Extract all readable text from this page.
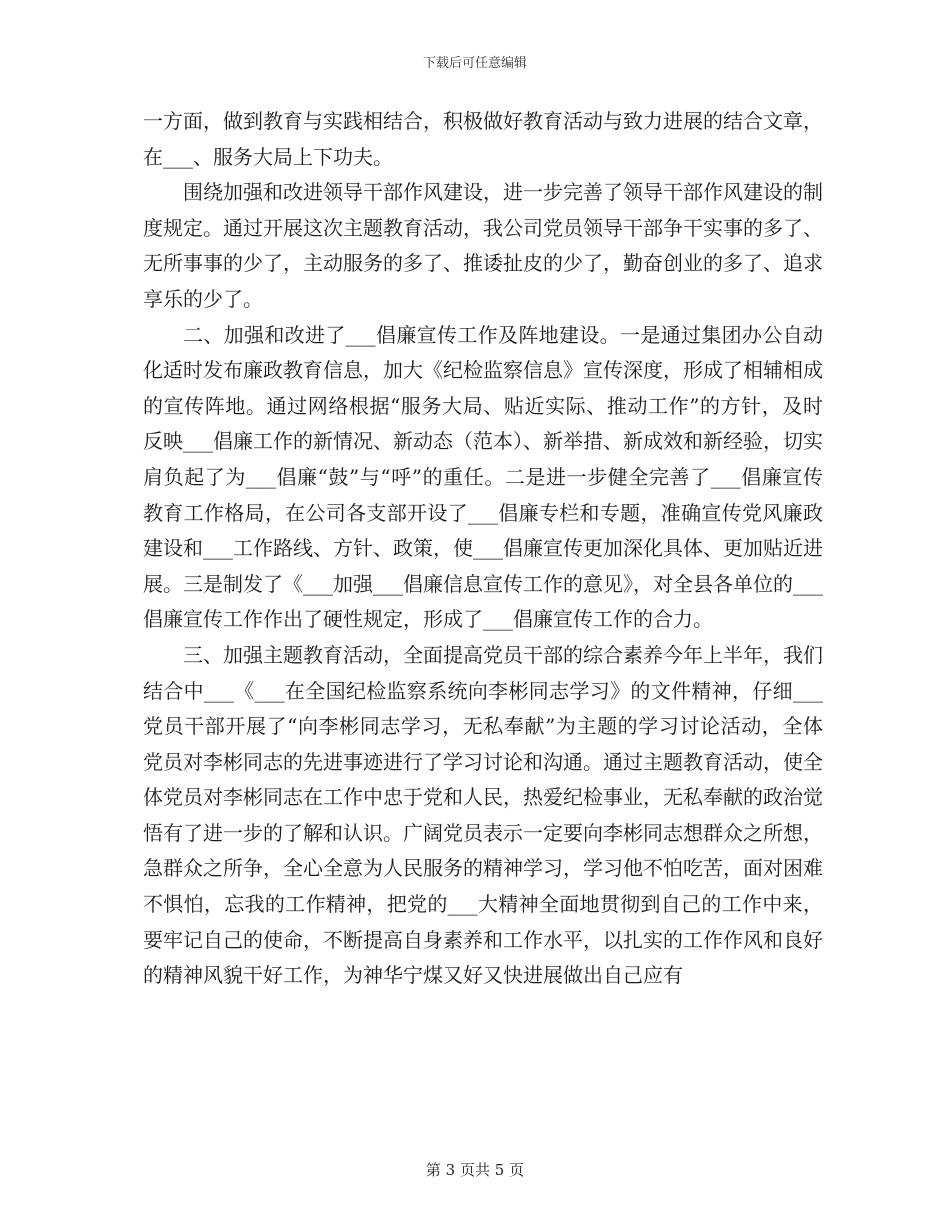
下载后可任意编辑

一方面，做到教育与实践相结合，积极做好教育活动与致力进展的结合文章，在___、服务大局上下功夫。

围绕加强和改进领导干部作风建设，进一步完善了领导干部作风建设的制度规定。通过开展这次主题教育活动，我公司党员领导干部争干实事的多了、无所事事的少了，主动服务的多了、推诿扯皮的少了，勤奋创业的多了、追求享乐的少了。

二、加强和改进了___倡廉宣传工作及阵地建设。一是通过集团办公自动化适时发布廉政教育信息，加大《纪检监察信息》宣传深度，形成了相辅相成的宣传阵地。通过网络根据“服务大局、贴近实际、推动工作”的方针，及时反映___倡廉工作的新情况、新动态（范本）、新举措、新成效和新经验，切实肩负起了为___倡廉“鼓”与“呼”的重任。二是进一步健全完善了___倡廉宣传教育工作格局，在公司各支部开设了___倡廉专栏和专题，准确宣传党风廉政建设和___工作路线、方针、政策，使___倡廉宣传更加深化具体、更加贴近进展。三是制发了《___加强___倡廉信息宣传工作的意见》，对全县各单位的___倡廉宣传工作作出了硬性规定，形成了___倡廉宣传工作的合力。

三、加强主题教育活动，全面提高党员干部的综合素养今年上半年，我们结合中___《___在全国纪检监察系统向李彬同志学习》的文件精神，仔细___党员干部开展了“向李彬同志学习，无私奉献”为主题的学习讨论活动，全体党员对李彬同志的先进事迹进行了学习讨论和沟通。通过主题教育活动，使全体党员对李彬同志在工作中忠于党和人民，热爱纪检事业，无私奉献的政治觉悟有了进一步的了解和认识。广阔党员表示一定要向李彬同志想群众之所想，急群众之所争，全心全意为人民服务的精神学习，学习他不怕吃苦，面对困难不惧怕，忘我的工作精神，把党的___大精神全面地贯彻到自己的工作中来，要牢记自己的使命，不断提高自身素养和工作水平，以扎实的工作作风和良好的精神风貌干好工作，为神华宁煤又好又快进展做出自己应有

第 3 页共 5 页
